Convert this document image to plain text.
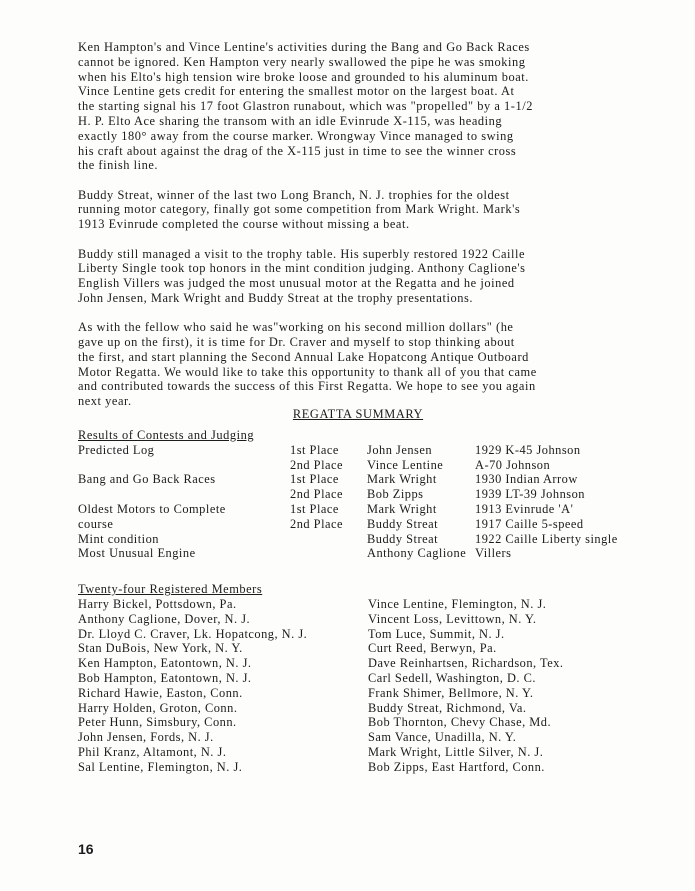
Ken Hampton's and Vince Lentine's activities during the Bang and Go Back Races
cannot be ignored. Ken Hampton very nearly swallowed the pipe he was smoking
when his Elto's high tension wire broke loose and grounded to his aluminum boat.
Vince Lentine gets credit for entering the smallest motor on the largest boat. At
the starting signal his 17 foot Glastron runabout, which was "propelled" by a 1-1/2
H. P. Elto Ace sharing the transom with an idle Evinrude X-115, was heading
exactly 180° away from the course marker. Wrongway Vince managed to swing
his craft about against the drag of the X-115 just in time to see the winner cross
the finish line.

Buddy Streat, winner of the last two Long Branch, N. J. trophies for the oldest
running motor category, finally got some competition from Mark Wright. Mark's
1913 Evinrude completed the course without missing a beat.

Buddy still managed a visit to the trophy table. His superbly restored 1922 Caille
Liberty Single took top honors in the mint condition judging. Anthony Caglione's
English Villers was judged the most unusual motor at the Regatta and he joined
John Jensen, Mark Wright and Buddy Streat at the trophy presentations.

As with the fellow who said he was"working on his second million dollars" (he
gave up on the first), it is time for Dr. Craver and myself to stop thinking about
the first, and start planning the Second Annual Lake Hopatcong Antique Outboard
Motor Regatta. We would like to take this opportunity to thank all of you that came
and contributed towards the success of this First Regatta. We hope to see you again
next year.

REGATTA SUMMARY
Results of Contests and Judging
Predicted Log	1st Place	John Jensen	1929 K-45 Johnson
	2nd Place	Vince Lentine	A-70 Johnson
Bang and Go Back Races	1st Place	Mark Wright	1930 Indian Arrow
	2nd Place	Bob Zipps	1939 LT-39 Johnson
Oldest Motors to Complete	1st Place	Mark Wright	1913 Evinrude 'A'
course	2nd Place	Buddy Streat	1917 Caille 5-speed
Mint condition		Buddy Streat	1922 Caille Liberty single
Most Unusual Engine		Anthony Caglione	Villers
Twenty-four Registered Members
Harry Bickel, Pottsdown, Pa.
Anthony Caglione, Dover, N. J.
Dr. Lloyd C. Craver, Lk. Hopatcong, N. J.
Stan DuBois, New York, N. Y.
Ken Hampton, Eatontown, N. J.
Bob Hampton, Eatontown, N. J.
Richard Hawie, Easton, Conn.
Harry Holden, Groton, Conn.
Peter Hunn, Simsbury, Conn.
John Jensen, Fords, N. J.
Phil Kranz, Altamont, N. J.
Sal Lentine, Flemington, N. J.
Vince Lentine, Flemington, N. J.
Vincent Loss, Levittown, N. Y.
Tom Luce, Summit, N. J.
Curt Reed, Berwyn, Pa.
Dave Reinhartsen, Richardson, Tex.
Carl Sedell, Washington, D. C.
Frank Shimer, Bellmore, N. Y.
Buddy Streat, Richmond, Va.
Bob Thornton, Chevy Chase, Md.
Sam Vance, Unadilla, N. Y.
Mark Wright, Little Silver, N. J.
Bob Zipps, East Hartford, Conn.
16
